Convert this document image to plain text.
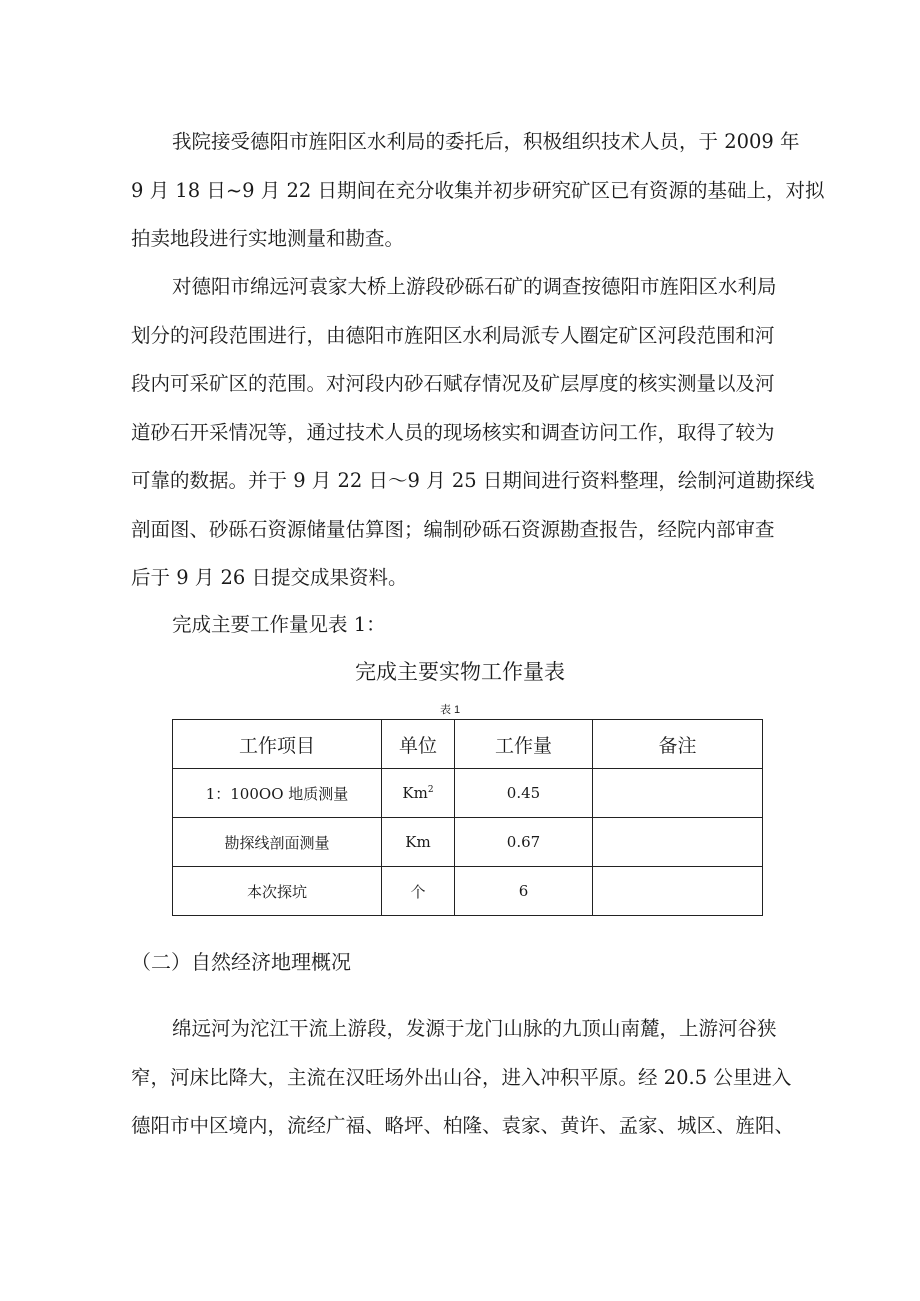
我院接受德阳市旌阳区水利局的委托后，积极组织技术人员，于 2009 年
9 月 18 日~9 月 22 日期间在充分收集并初步研究矿区已有资源的基础上，对拟
拍卖地段进行实地测量和勘查。
对德阳市绵远河袁家大桥上游段砂砾石矿的调查按德阳市旌阳区水利局
划分的河段范围进行，由德阳市旌阳区水利局派专人圈定矿区河段范围和河
段内可采矿区的范围。对河段内砂石赋存情况及矿层厚度的核实测量以及河
道砂石开采情况等，通过技术人员的现场核实和调查访问工作，取得了较为
可靠的数据。并于 9 月 22 日～9 月 25 日期间进行资料整理，绘制河道勘探线
剖面图、砂砾石资源储量估算图；编制砂砾石资源勘查报告，经院内部审查
后于 9 月 26 日提交成果资料。
完成主要工作量见表 1：

完成主要实物工作量表

表 1
工作项目	单位	工作量	备注
1：100OO 地质测量	Km$^2$	0.45	
勘探线剖面测量	Km	0.67	
本次探坑	个	6	

（二）自然经济地理概况

绵远河为沱江干流上游段，发源于龙门山脉的九顶山南麓，上游河谷狭
窄，河床比降大，主流在汉旺场外出山谷，进入冲积平原。经 20.5 公里进入
德阳市中区境内，流经广福、略坪、柏隆、袁家、黄许、孟家、城区、旌阳、
